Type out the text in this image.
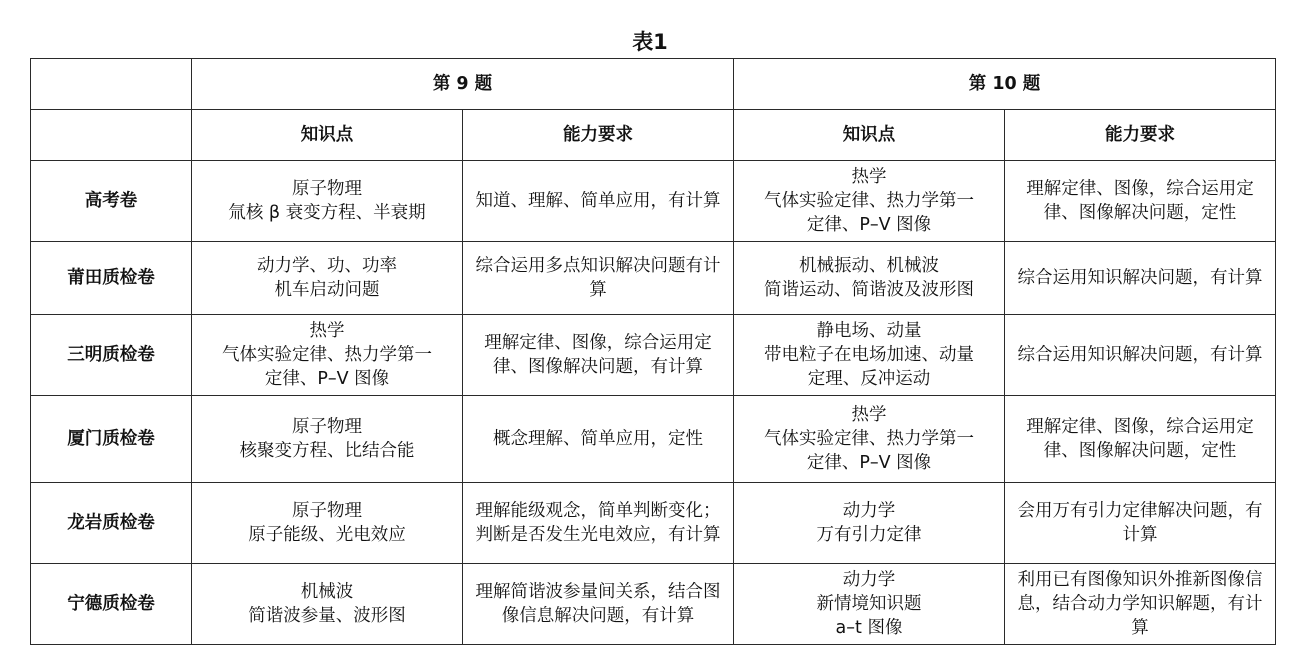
表1
	第 9 题		第 10 题	
	知识点	能力要求	知识点	能力要求
高考卷	原子物理
氚核 β 衰变方程、半衰期	知道、理解、简单应用，有计算	热学
气体实验定律、热力学第一
定律、P–V 图像	理解定律、图像，综合运用定律、图像解决问题，定性

莆田质检卷	动力学、功、功率
机车启动问题	综合运用多点知识解决问题有计算	机械振动、机械波
简谐运动、简谐波及波形图	综合运用知识解决问题，有计算

三明质检卷	热学
气体实验定律、热力学第一
定律、P–V 图像	理解定律、图像，综合运用定律、图像解决问题，有计算	静电场、动量
带电粒子在电场加速、动量
定理、反冲运动	综合运用知识解决问题，有计算

厦门质检卷	原子物理
核聚变方程、比结合能	概念理解、简单应用，定性	热学
气体实验定律、热力学第一
定律、P–V 图像	理解定律、图像，综合运用定律、图像解决问题，定性

龙岩质检卷	原子物理
原子能级、光电效应	理解能级观念，简单判断变化；判断是否发生光电效应，有计算	动力学
万有引力定律	会用万有引力定律解决问题，有计算

宁德质检卷	机械波
简谐波参量、波形图	理解简谐波参量间关系，结合图像信息解决问题，有计算	动力学
新情境知识题
a–t 图像	利用已有图像知识外推新图像信息，结合动力学知识解题，有计算
